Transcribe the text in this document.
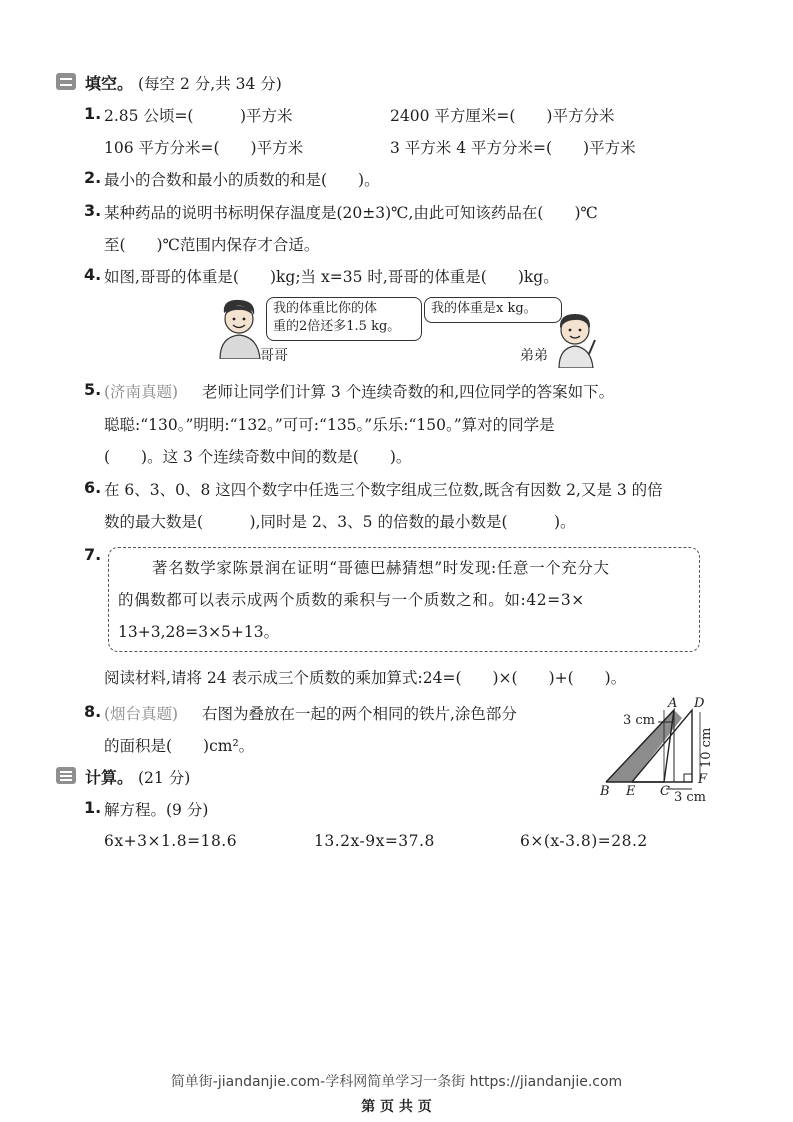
填空。 (每空 2 分,共 34 分)
1. 2.85 公顷=(　　　)平方米	2400 平方厘米=(　　)平方分米
106 平方分米=(　　)平方米	3 平方米 4 平方分米=(　　)平方米
2. 最小的合数和最小的质数的和是(　　)。
3. 某种药品的说明书标明保存温度是(20±3)℃,由此可知该药品在(　　)℃
至(　　)℃范围内保存才合适。
4. 如图,哥哥的体重是(　　)kg;当 x=35 时,哥哥的体重是(　　)kg。
我的体重比你的体
重的2倍还多1.5 kg。
我的体重是x kg。
哥哥	弟弟
5. (济南真题) 老师让同学们计算 3 个连续奇数的和,四位同学的答案如下。
聪聪:“130。”明明:“132。”可可:“135。”乐乐:“150。”算对的同学是
(　　)。这 3 个连续奇数中间的数是(　　)。
6. 在 6、3、0、8 这四个数字中任选三个数字组成三位数,既含有因数 2,又是 3 的倍
数的最大数是(　　　),同时是 2、3、5 的倍数的最小数是(　　　)。
7.
著名数学家陈景润在证明“哥德巴赫猜想”时发现:任意一个充分大
的偶数都可以表示成两个质数的乘积与一个质数之和。如:42=3×
13+3,28=3×5+13。
阅读材料,请将 24 表示成三个质数的乘加算式:24=(　　)×(　　)+(　　)。
8. (烟台真题) 右图为叠放在一起的两个相同的铁片,涂色部分
的面积是(　　)cm²。
A D
3 cm
10 cm
F
B E C 3 cm
计算。 (21 分)
1. 解方程。(9 分)
6x+3×1.8=18.6	13.2x-9x=37.8	6×(x-3.8)=28.2
简单街-jiandanjie.com-学科网简单学习一条街 https://jiandanjie.com
第 页 共 页
